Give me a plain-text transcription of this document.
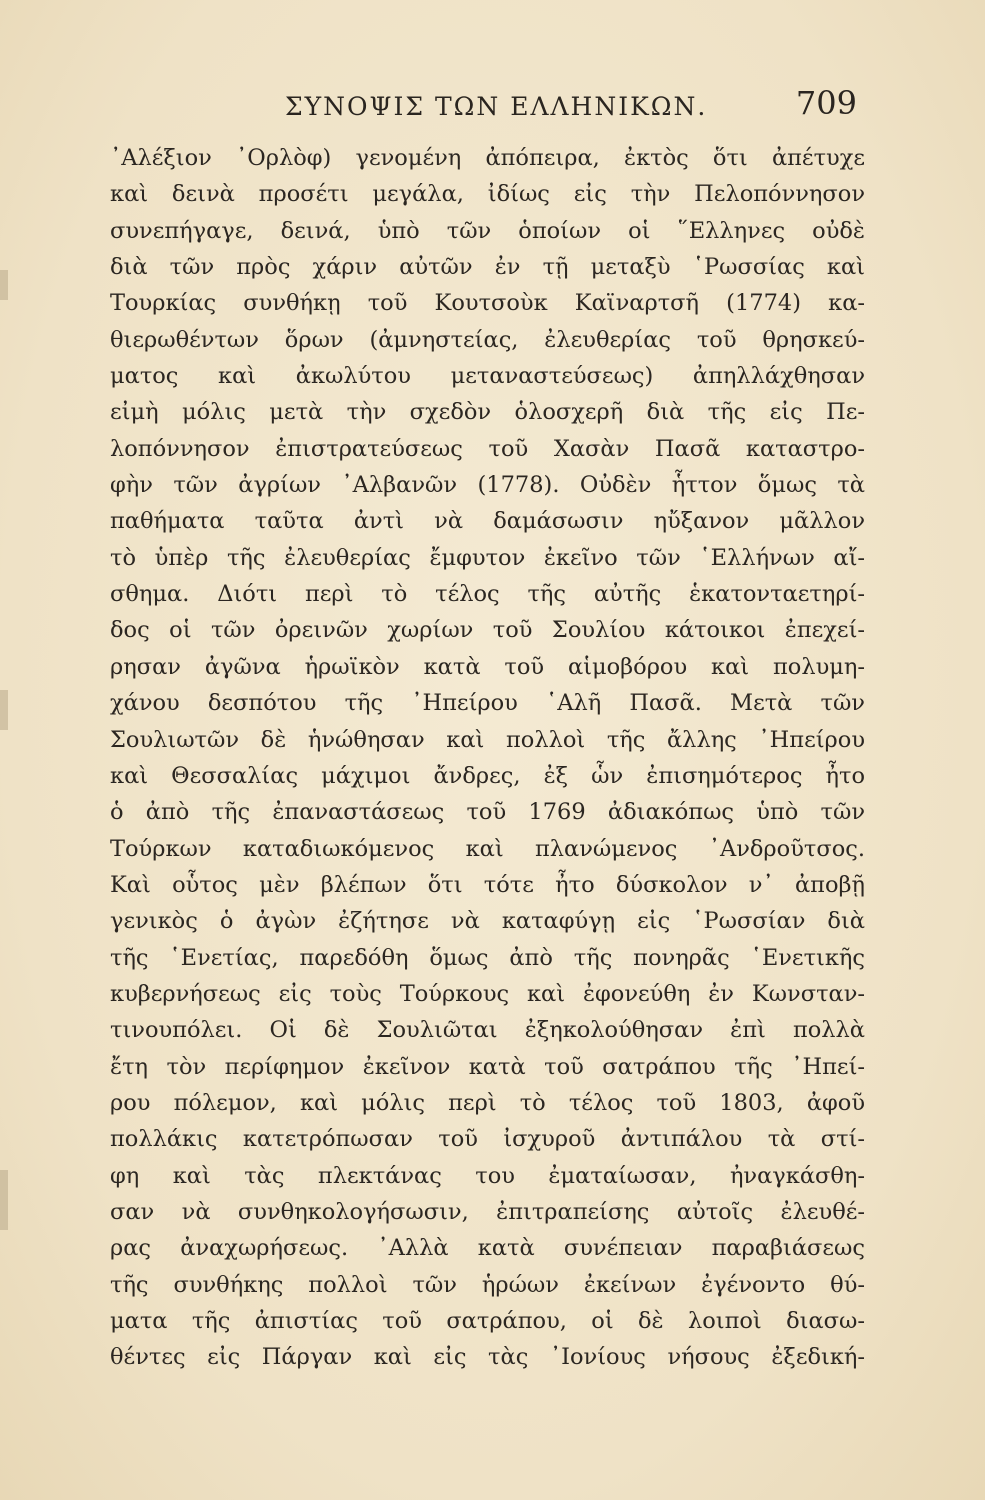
ΣΥΝΟΨΙΣ ΤΩΝ ΕΛΛΗΝΙΚΩΝ.	709
᾿Αλέξιον ᾿Ορλὸφ) γενομένη ἀπόπειρα, ἐκτὸς ὅτι ἀπέτυχε
καὶ δεινὰ προσέτι μεγάλα, ἰδίως εἰς τὴν Πελοπόννησον
συνεπήγαγε, δεινά, ὑπὸ τῶν ὁποίων οἱ ῞Ελληνες οὐδὲ
διὰ τῶν πρὸς χάριν αὐτῶν ἐν τῇ μεταξὺ ῾Ρωσσίας καὶ
Τουρκίας συνθήκῃ τοῦ Κουτσοὺκ Καϊναρτσῆ (1774) κα-
θιερωθέντων ὅρων (ἀμνηστείας, ἐλευθερίας τοῦ θρησκεύ-
ματος καὶ ἀκωλύτου μεταναστεύσεως) ἀπηλλάχθησαν
εἰμὴ μόλις μετὰ τὴν σχεδὸν ὁλοσχερῆ διὰ τῆς εἰς Πε-
λοπόννησον ἐπιστρατεύσεως τοῦ Χασὰν Πασᾶ καταστρο-
φὴν τῶν ἀγρίων ᾿Αλβανῶν (1778). Οὐδὲν ἧττον ὅμως τὰ
παθήματα ταῦτα ἀντὶ νὰ δαμάσωσιν ηὔξανον μᾶλλον
τὸ ὑπὲρ τῆς ἐλευθερίας ἔμφυτον ἐκεῖνο τῶν ῾Ελλήνων αἴ-
σθημα. Διότι περὶ τὸ τέλος τῆς αὐτῆς ἑκατονταετηρί-
δος οἱ τῶν ὀρεινῶν χωρίων τοῦ Σουλίου κάτοικοι ἐπεχεί-
ρησαν ἀγῶνα ἡρωϊκὸν κατὰ τοῦ αἱμοβόρου καὶ πολυμη-
χάνου δεσπότου τῆς ᾿Ηπείρου ῾Αλῆ Πασᾶ. Μετὰ τῶν
Σουλιωτῶν δὲ ἡνώθησαν καὶ πολλοὶ τῆς ἄλλης ᾿Ηπείρου
καὶ Θεσσαλίας μάχιμοι ἄνδρες, ἐξ ὧν ἐπισημότερος ἦτο
ὁ ἀπὸ τῆς ἐπαναστάσεως τοῦ 1769 ἀδιακόπως ὑπὸ τῶν
Τούρκων καταδιωκόμενος καὶ πλανώμενος ᾿Ανδροῦτσος.
Καὶ οὗτος μὲν βλέπων ὅτι τότε ἦτο δύσκολον ν᾿ ἀποβῇ
γενικὸς ὁ ἀγὼν ἐζήτησε νὰ καταφύγῃ εἰς ῾Ρωσσίαν διὰ
τῆς ῾Ενετίας, παρεδόθη ὅμως ἀπὸ τῆς πονηρᾶς ῾Ενετικῆς
κυβερνήσεως εἰς τοὺς Τούρκους καὶ ἐφονεύθη ἐν Κωνσταν-
τινουπόλει. Οἱ δὲ Σουλιῶται ἐξηκολούθησαν ἐπὶ πολλὰ
ἔτη τὸν περίφημον ἐκεῖνον κατὰ τοῦ σατράπου τῆς ᾿Ηπεί-
ρου πόλεμον, καὶ μόλις περὶ τὸ τέλος τοῦ 1803, ἀφοῦ
πολλάκις κατετρόπωσαν τοῦ ἰσχυροῦ ἀντιπάλου τὰ στί-
φη καὶ τὰς πλεκτάνας του ἐματαίωσαν, ἠναγκάσθη-
σαν νὰ συνθηκολογήσωσιν, ἐπιτραπείσης αὐτοῖς ἐλευθέ-
ρας ἀναχωρήσεως. ᾿Αλλὰ κατὰ συνέπειαν παραβιάσεως
τῆς συνθήκης πολλοὶ τῶν ἡρώων ἐκείνων ἐγένοντο θύ-
ματα τῆς ἀπιστίας τοῦ σατράπου, οἱ δὲ λοιποὶ διασω-
θέντες εἰς Πάργαν καὶ εἰς τὰς ᾿Ιονίους νήσους ἐξεδική-
